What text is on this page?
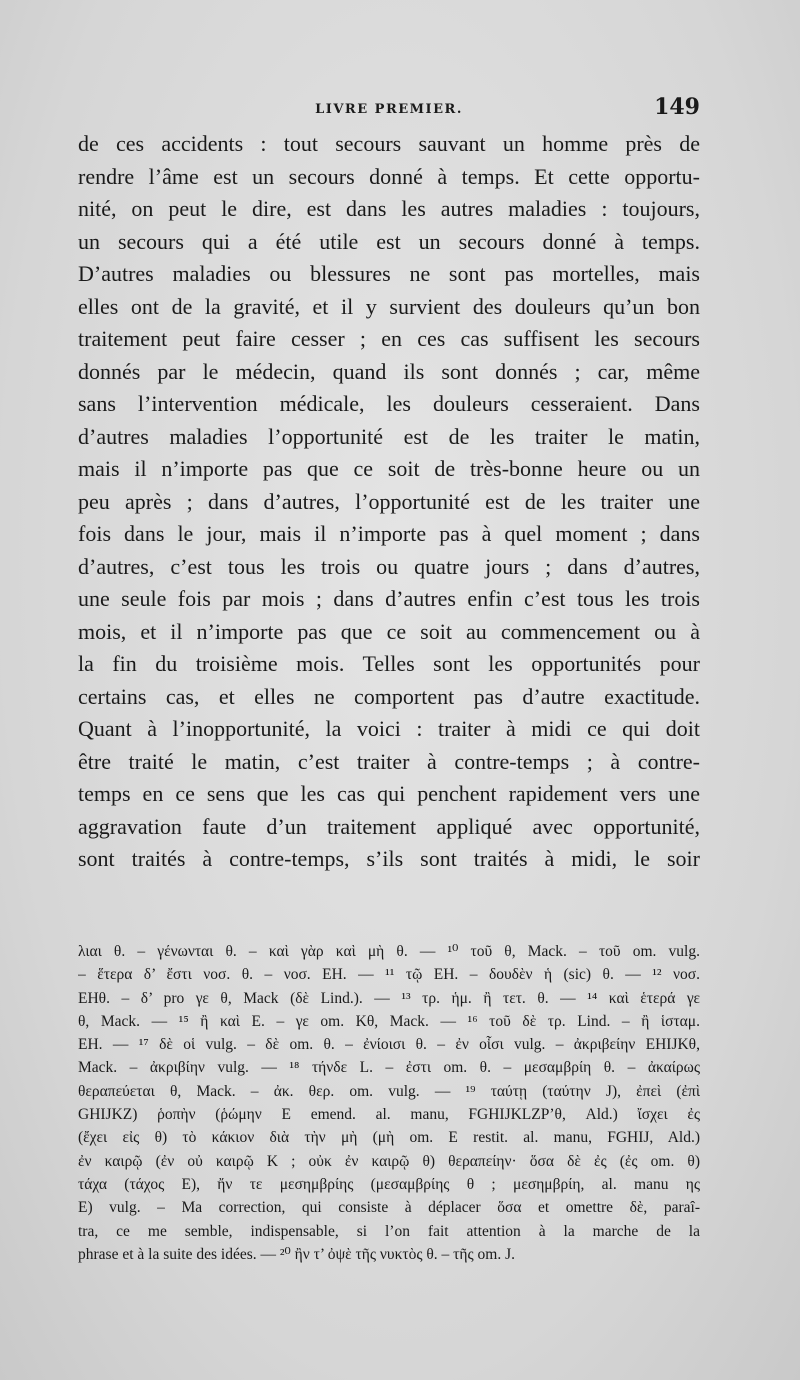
LIVRE PREMIER.	149
de ces accidents : tout secours sauvant un homme près de
rendre l’âme est un secours donné à temps. Et cette opportu-
nité, on peut le dire, est dans les autres maladies : toujours,
un secours qui a été utile est un secours donné à temps.
D’autres maladies ou blessures ne sont pas mortelles, mais
elles ont de la gravité, et il y survient des douleurs qu’un bon
traitement peut faire cesser ; en ces cas suffisent les secours
donnés par le médecin, quand ils sont donnés ; car, même
sans l’intervention médicale, les douleurs cesseraient. Dans
d’autres maladies l’opportunité est de les traiter le matin,
mais il n’importe pas que ce soit de très-bonne heure ou un
peu après ; dans d’autres, l’opportunité est de les traiter une
fois dans le jour, mais il n’importe pas à quel moment ; dans
d’autres, c’est tous les trois ou quatre jours ; dans d’autres,
une seule fois par mois ; dans d’autres enfin c’est tous les trois
mois, et il n’importe pas que ce soit au commencement ou à
la fin du troisième mois. Telles sont les opportunités pour
certains cas, et elles ne comportent pas d’autre exactitude.
Quant à l’inopportunité, la voici : traiter à midi ce qui doit
être traité le matin, c’est traiter à contre-temps ; à contre-
temps en ce sens que les cas qui penchent rapidement vers une
aggravation faute d’un traitement appliqué avec opportunité,
sont traités à contre-temps, s’ils sont traités à midi, le soir
λιαι θ. – γένωνται θ. – καὶ γὰρ καὶ μὴ θ. — ¹⁰ τοῦ θ, Mack. – τοῦ om. vulg.
– ἕτερα δ’ ἔστι νοσ. θ. – νοσ. EH. — ¹¹ τῷ EH. – δουδὲν ἡ (sic) θ. — ¹² νοσ.
EHθ. – δ’ pro γε θ, Mack (δὲ Lind.). — ¹³ τρ. ἡμ. ἢ τετ. θ. — ¹⁴ καὶ ἑτερά γε
θ, Mack. — ¹⁵ ἢ καὶ E. – γε om. Kθ, Mack. — ¹⁶ τοῦ δὲ τρ. Lind. – ἢ ἱσταμ.
EH. — ¹⁷ δὲ οἱ vulg. – δὲ om. θ. – ἐνίοισι θ. – ἐν οἷσι vulg. – ἀκριβείην EHIJKθ,
Mack. – ἀκριβίην vulg. — ¹⁸ τήνδε L. – ἐστι om. θ. – μεσαμβρίη θ. – ἀκαίρως
θεραπεύεται θ, Mack. – ἀκ. θερ. om. vulg. — ¹⁹ ταύτῃ (ταύτην J), ἐπεὶ (ἐπὶ
GHIJKZ) ῥοπὴν (ῥώμην E emend. al. manu, FGHIJKLZP’θ, Ald.) ἴσχει ἐς
(ἔχει εἰς θ) τὸ κάκιον διὰ τὴν μὴ (μὴ om. E restit. al. manu, FGHIJ, Ald.)
ἐν καιρῷ (ἐν οὐ καιρῷ K ; οὐκ ἐν καιρῷ θ) θεραπείην· ὅσα δὲ ἐς (ἐς om. θ)
τάχα (τάχος E), ἤν τε μεσημβρίης (μεσαμβρίης θ ; μεσημβρίη, al. manu ης
E) vulg. – Ma correction, qui consiste à déplacer ὅσα et omettre δὲ, paraî-
tra, ce me semble, indispensable, si l’on fait attention à la marche de la
phrase et à la suite des idées. — ²⁰ ἢν τ’ ὀψὲ τῆς νυκτὸς θ. – τῆς om. J.
